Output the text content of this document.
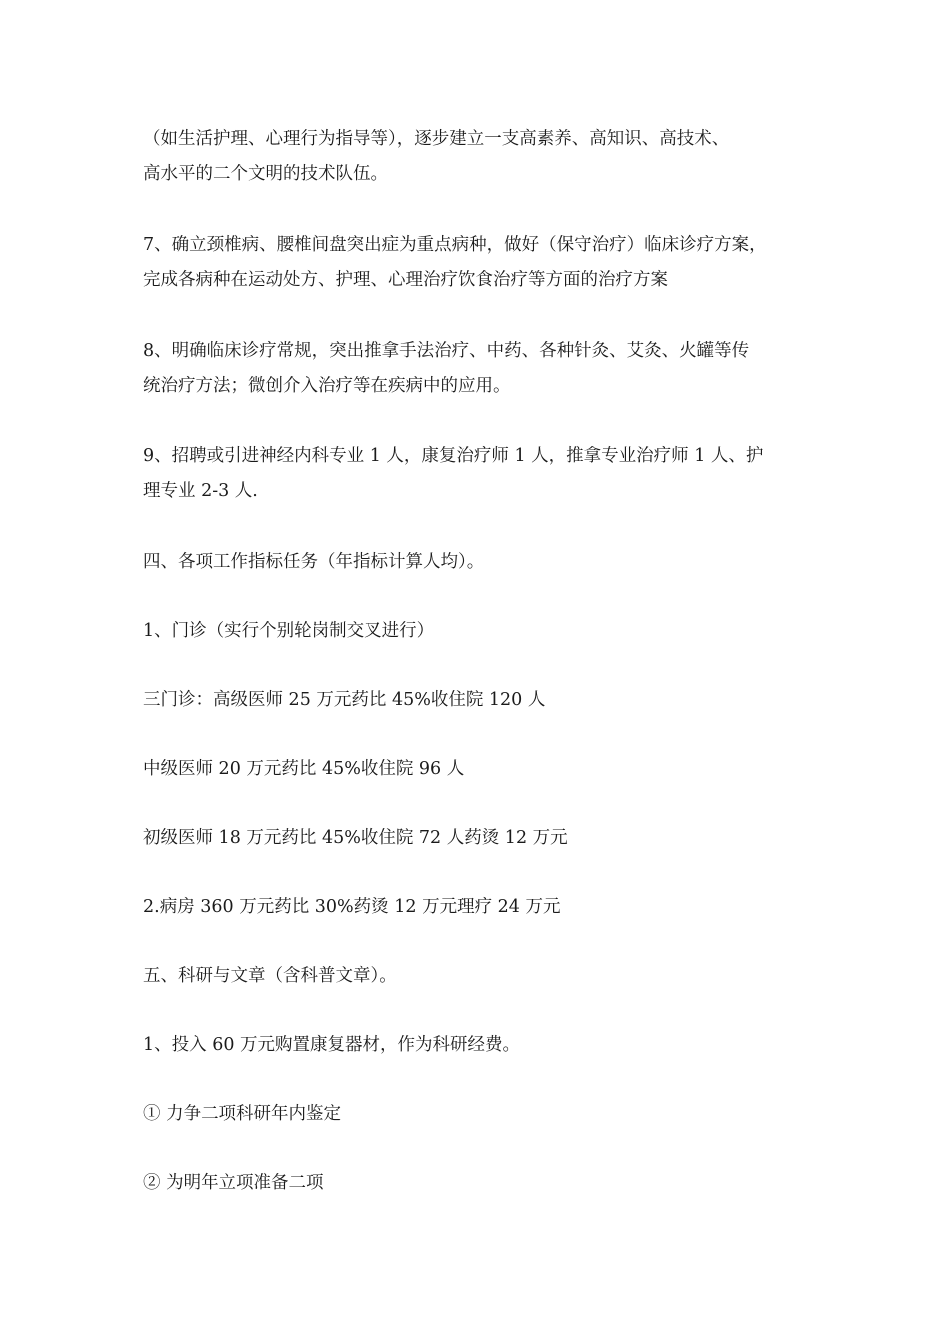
（如生活护理、心理行为指导等），逐步建立一支高素养、高知识、高技术、
高水平的二个文明的技术队伍。

7、确立颈椎病、腰椎间盘突出症为重点病种，做好（保守治疗）临床诊疗方案，
完成各病种在运动处方、护理、心理治疗饮食治疗等方面的治疗方案

8、明确临床诊疗常规，突出推拿手法治疗、中药、各种针灸、艾灸、火罐等传
统治疗方法；微创介入治疗等在疾病中的应用。

9、招聘或引进神经内科专业 1 人，康复治疗师 1 人，推拿专业治疗师 1 人、护
理专业 2-3 人.

四、各项工作指标任务（年指标计算人均）。

1、门诊（实行个别轮岗制交叉进行）

三门诊：高级医师 25 万元药比 45%收住院 120 人

中级医师 20 万元药比 45%收住院 96 人

初级医师 18 万元药比 45%收住院 72 人药烫 12 万元

2.病房 360 万元药比 30%药烫 12 万元理疗 24 万元

五、科研与文章（含科普文章）。

1、投入 60 万元购置康复器材，作为科研经费。

① 力争二项科研年内鉴定

② 为明年立项准备二项
